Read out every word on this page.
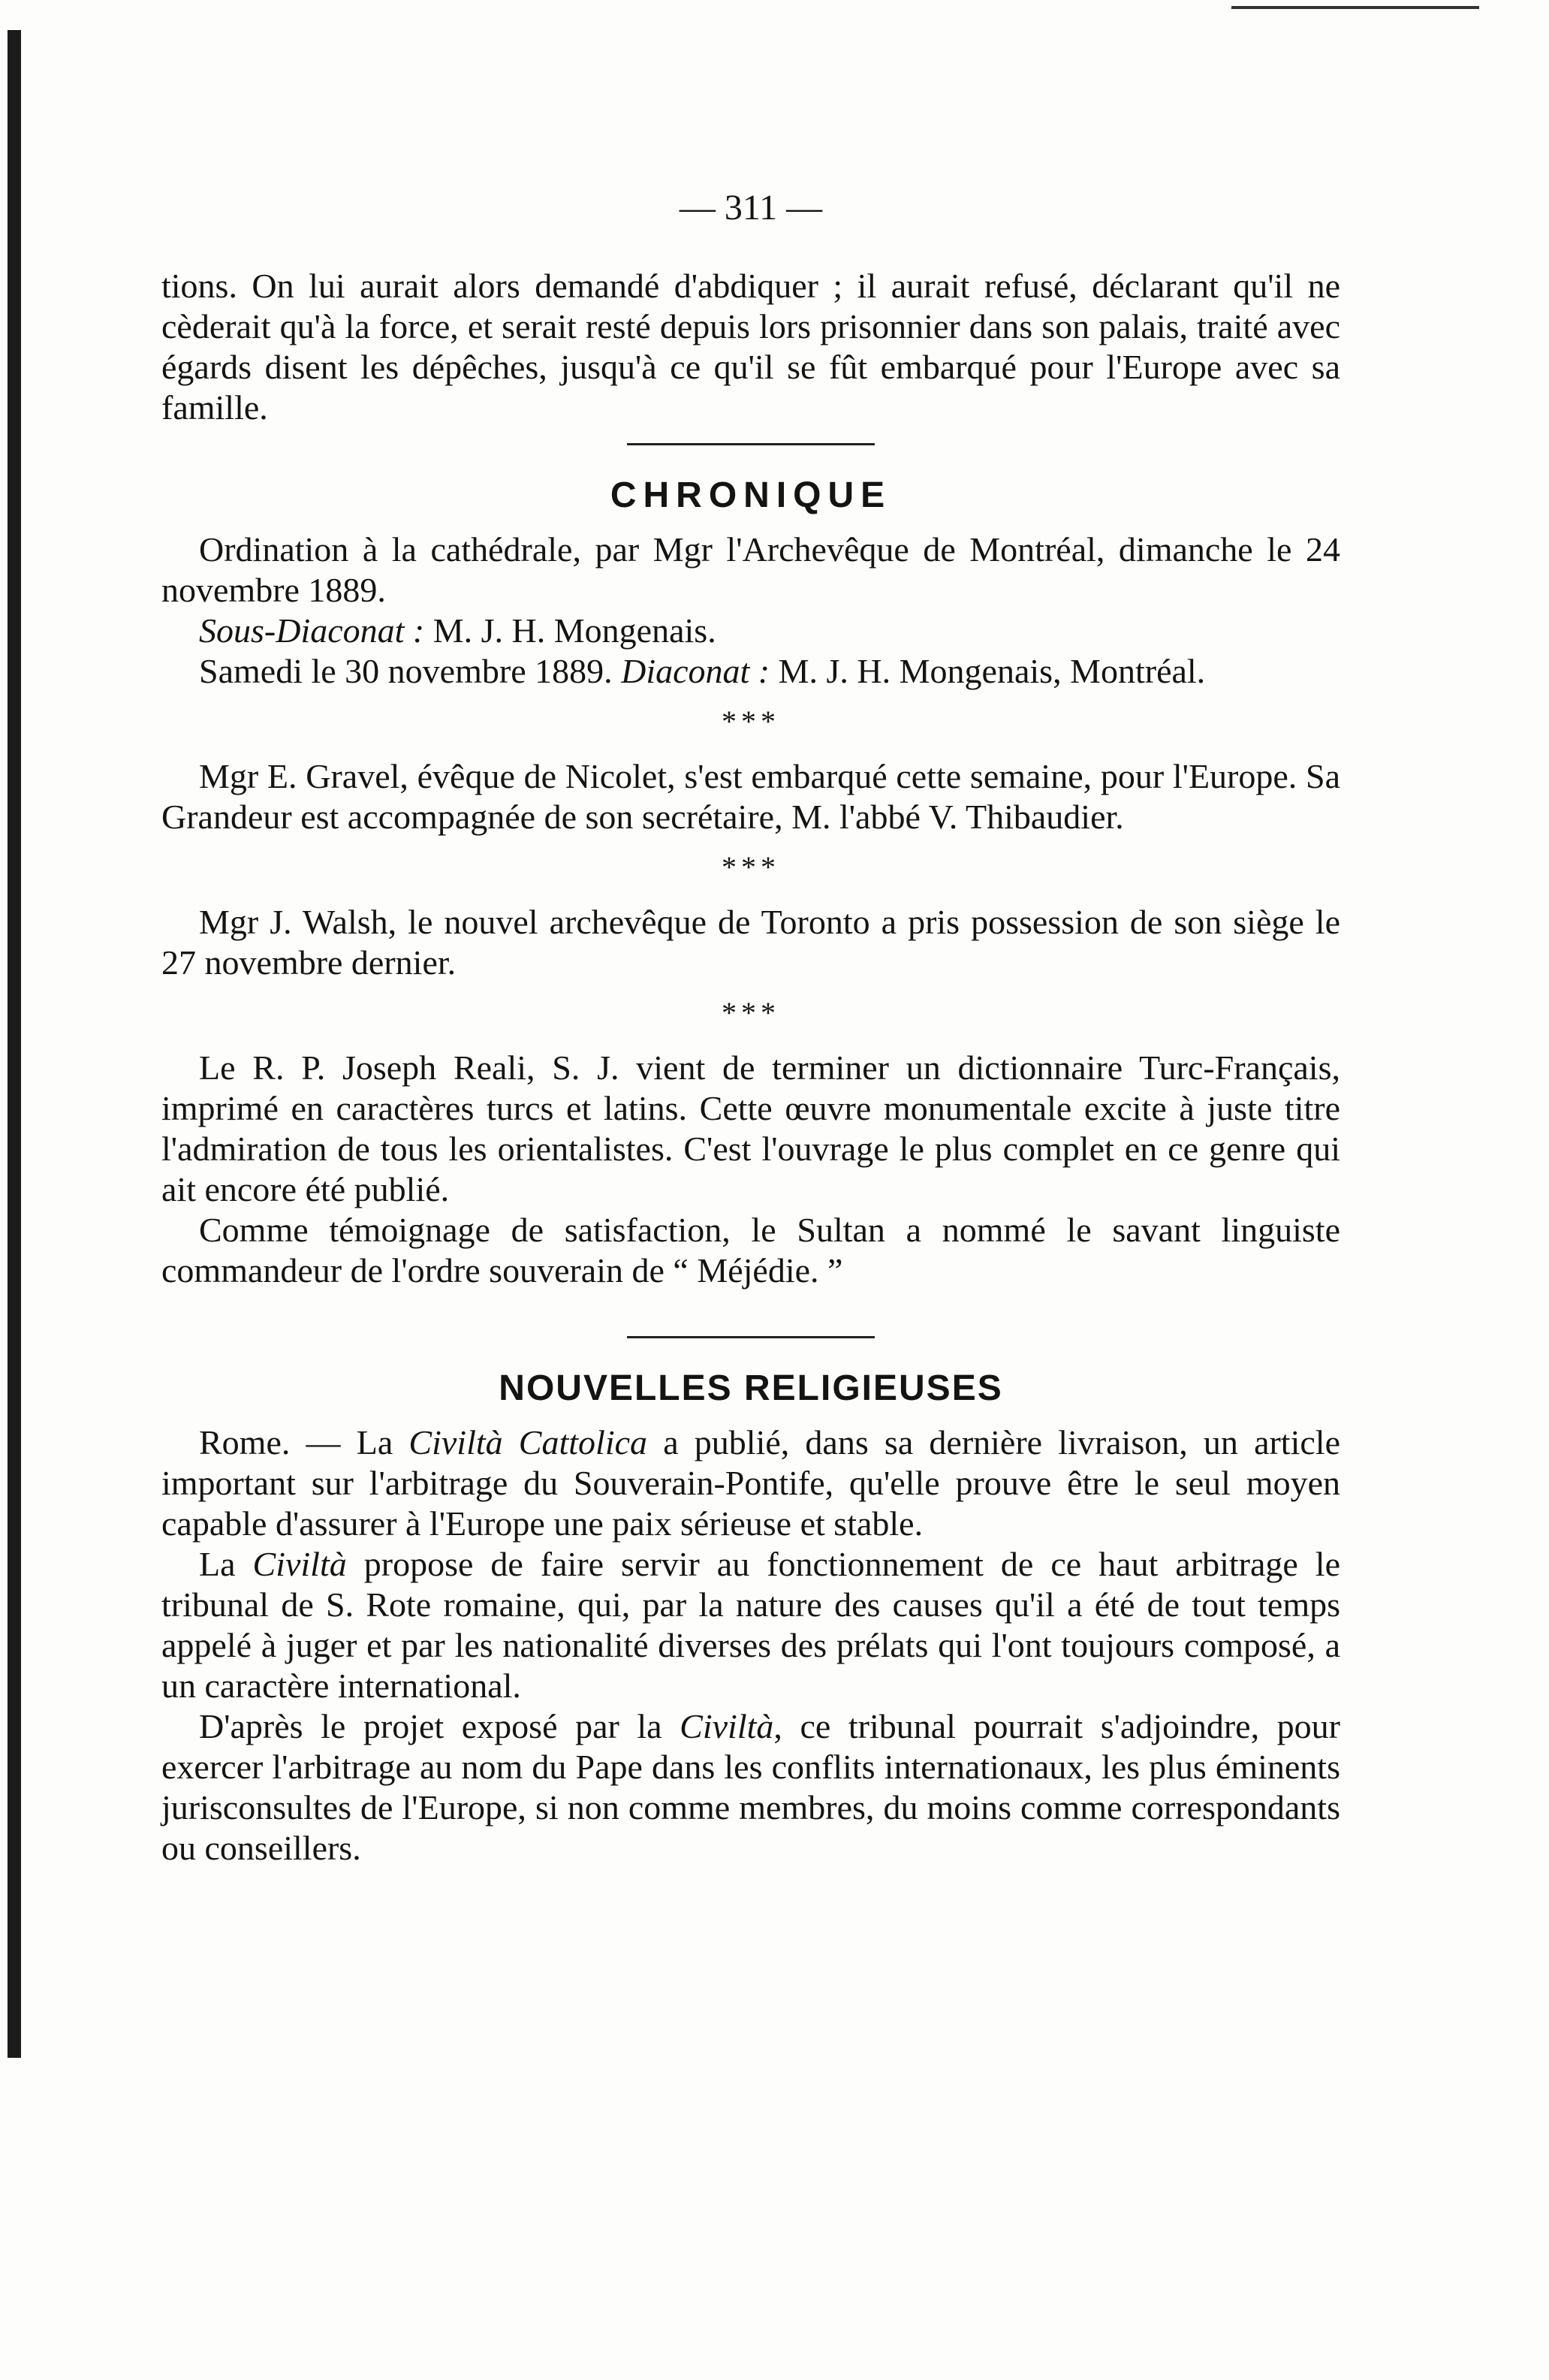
— 311 —

tions. On lui aurait alors demandé d'abdiquer ; il aurait refusé, déclarant qu'il ne cèderait qu'à la force, et serait resté depuis lors prisonnier dans son palais, traité avec égards disent les dépêches, jusqu'à ce qu'il se fût embarqué pour l'Europe avec sa famille.

CHRONIQUE

Ordination à la cathédrale, par Mgr l'Archevêque de Montréal, dimanche le 24 novembre 1889.

Sous-Diaconat : M. J. H. Mongenais.

Samedi le 30 novembre 1889. Diaconat : M. J. H. Mongenais, Montréal.

***

Mgr E. Gravel, évêque de Nicolet, s'est embarqué cette semaine, pour l'Europe. Sa Grandeur est accompagnée de son secrétaire, M. l'abbé V. Thibaudier.

***

Mgr J. Walsh, le nouvel archevêque de Toronto a pris possession de son siège le 27 novembre dernier.

***

Le R. P. Joseph Reali, S. J. vient de terminer un dictionnaire Turc-Français, imprimé en caractères turcs et latins. Cette œuvre monumentale excite à juste titre l'admiration de tous les orientalistes. C'est l'ouvrage le plus complet en ce genre qui ait encore été publié.

Comme témoignage de satisfaction, le Sultan a nommé le savant linguiste commandeur de l'ordre souverain de “ Méjédie. ”

NOUVELLES RELIGIEUSES

Rome. — La Civiltà Cattolica a publié, dans sa dernière livraison, un article important sur l'arbitrage du Souverain-Pontife, qu'elle prouve être le seul moyen capable d'assurer à l'Europe une paix sérieuse et stable.

La Civiltà propose de faire servir au fonctionnement de ce haut arbitrage le tribunal de S. Rote romaine, qui, par la nature des causes qu'il a été de tout temps appelé à juger et par les nationalité diverses des prélats qui l'ont toujours composé, a un caractère international.

D'après le projet exposé par la Civiltà, ce tribunal pourrait s'adjoindre, pour exercer l'arbitrage au nom du Pape dans les conflits internationaux, les plus éminents jurisconsultes de l'Europe, si non comme membres, du moins comme correspondants ou conseillers.
